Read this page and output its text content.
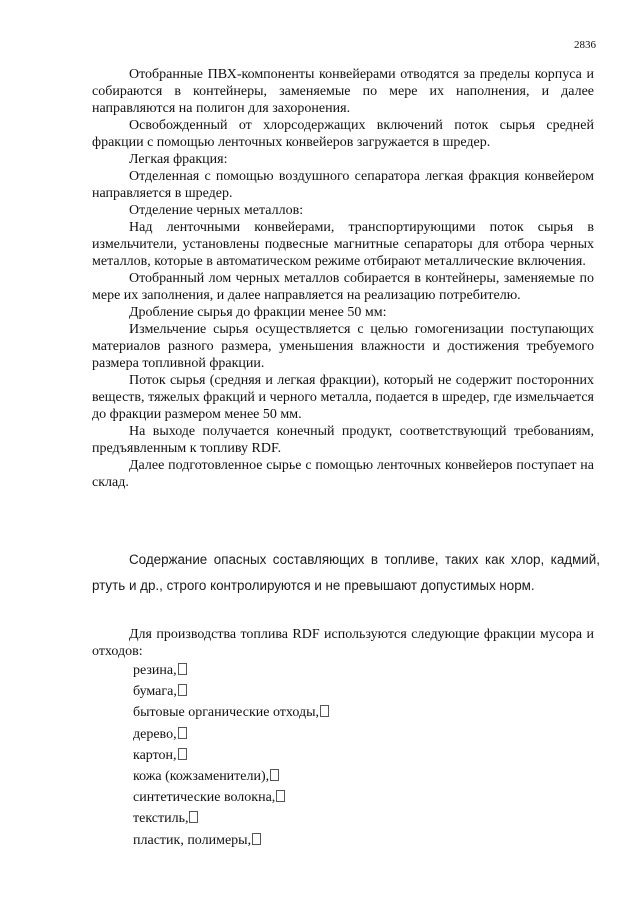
2836

Отобранные ПВХ-компоненты конвейерами отводятся за пределы корпуса и собираются в контейнеры, заменяемые по мере их наполнения, и далее направляются на полигон для захоронения.

Освобожденный от хлорсодержащих включений поток сырья средней фракции с помощью ленточных конвейеров загружается в шредер.

Легкая фракция:

Отделенная с помощью воздушного сепаратора легкая фракция конвейером направляется в шредер.

Отделение черных металлов:

Над ленточными конвейерами, транспортирующими поток сырья в измельчители, установлены подвесные магнитные сепараторы для отбора черных металлов, которые в автоматическом режиме отбирают металлические включения.

Отобранный лом черных металлов собирается в контейнеры, заменяемые по мере их заполнения, и далее направляется на реализацию потребителю.

Дробление сырья до фракции менее 50 мм:

Измельчение сырья осуществляется с целью гомогенизации поступающих материалов разного размера, уменьшения влажности и достижения требуемого размера топливной фракции.

Поток сырья (средняя и легкая фракции), который не содержит посторонних веществ, тяжелых фракций и черного металла, подается в шредер, где измельчается до фракции размером менее 50 мм.

На выходе получается конечный продукт, соответствующий требованиям, предъявленным к топливу RDF.

Далее подготовленное сырье с помощью ленточных конвейеров поступает на склад.

Содержание опасных составляющих в топливе, таких как хлор, кадмий, ртуть и др., строго контролируются и не превышают допустимых норм.

Для производства топлива RDF используются следующие фракции мусора и отходов:

резина,
бумага,
бытовые органические отходы,
дерево,
картон,
кожа (кожзаменители),
синтетические волокна,
текстиль,
пластик, полимеры,
